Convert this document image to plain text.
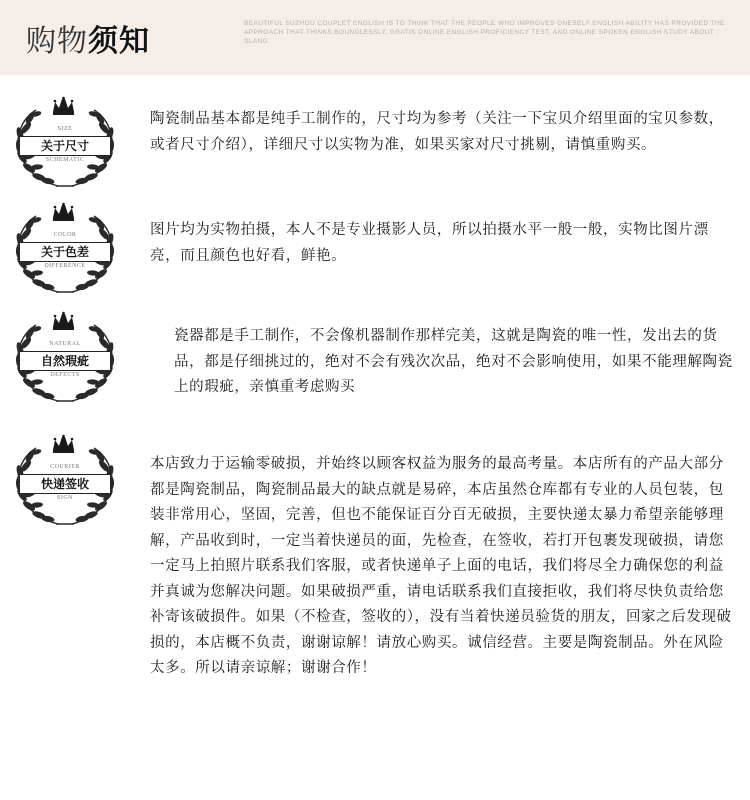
购物须知
BEAUTIFUL SUZHOU COUPLET ENGLISH IS TO THINK THAT THE PEOPLE WHO IMPROVES ONESELF ENGLISH ABILITY HAS PROVIDED THE APPROACH THAT THINKS BOUNDLESSLY, GRATIS ONLINE ENGLISH PROFICIENCY TEST, AND ONLINE SPOKEN ENGLISH STUDY ABOUT ; SLANG
SIZE
关于尺寸
SCHEMATIC

陶瓷制品基本都是纯手工制作的，尺寸均为参考（关注一下宝贝介绍里面的宝贝参数，或者尺寸介绍），详细尺寸以实物为准，如果买家对尺寸挑剔，请慎重购买。

COLOR
关于色差
DIFFERENCE

图片均为实物拍摄，本人不是专业摄影人员，所以拍摄水平一般一般，实物比图片漂亮，而且颜色也好看，鲜艳。

NATURAL
自然瑕疵
DEFECTS

瓷器都是手工制作，不会像机器制作那样完美，这就是陶瓷的唯一性，发出去的货品，都是仔细挑过的，绝对不会有残次次品，绝对不会影响使用，如果不能理解陶瓷上的瑕疵，亲慎重考虑购买

COURIER
快递签收
SIGN

本店致力于运输零破损，并始终以顾客权益为服务的最高考量。本店所有的产品大部分都是陶瓷制品，陶瓷制品最大的缺点就是易碎，本店虽然仓库都有专业的人员包装，包装非常用心，坚固，完善，但也不能保证百分百无破损，主要快递太暴力希望亲能够理解，产品收到时，一定当着快递员的面，先检查，在签收，若打开包裹发现破损，请您一定马上拍照片联系我们客服，或者快递单子上面的电话，我们将尽全力确保您的利益并真诚为您解决问题。如果破损严重，请电话联系我们直接拒收，我们将尽快负责给您补寄该破损件。如果（不检查，签收的），没有当着快递员验货的朋友，回家之后发现破损的，本店概不负责，谢谢谅解！请放心购买。诚信经营。主要是陶瓷制品。外在风险太多。所以请亲谅解；谢谢合作！
